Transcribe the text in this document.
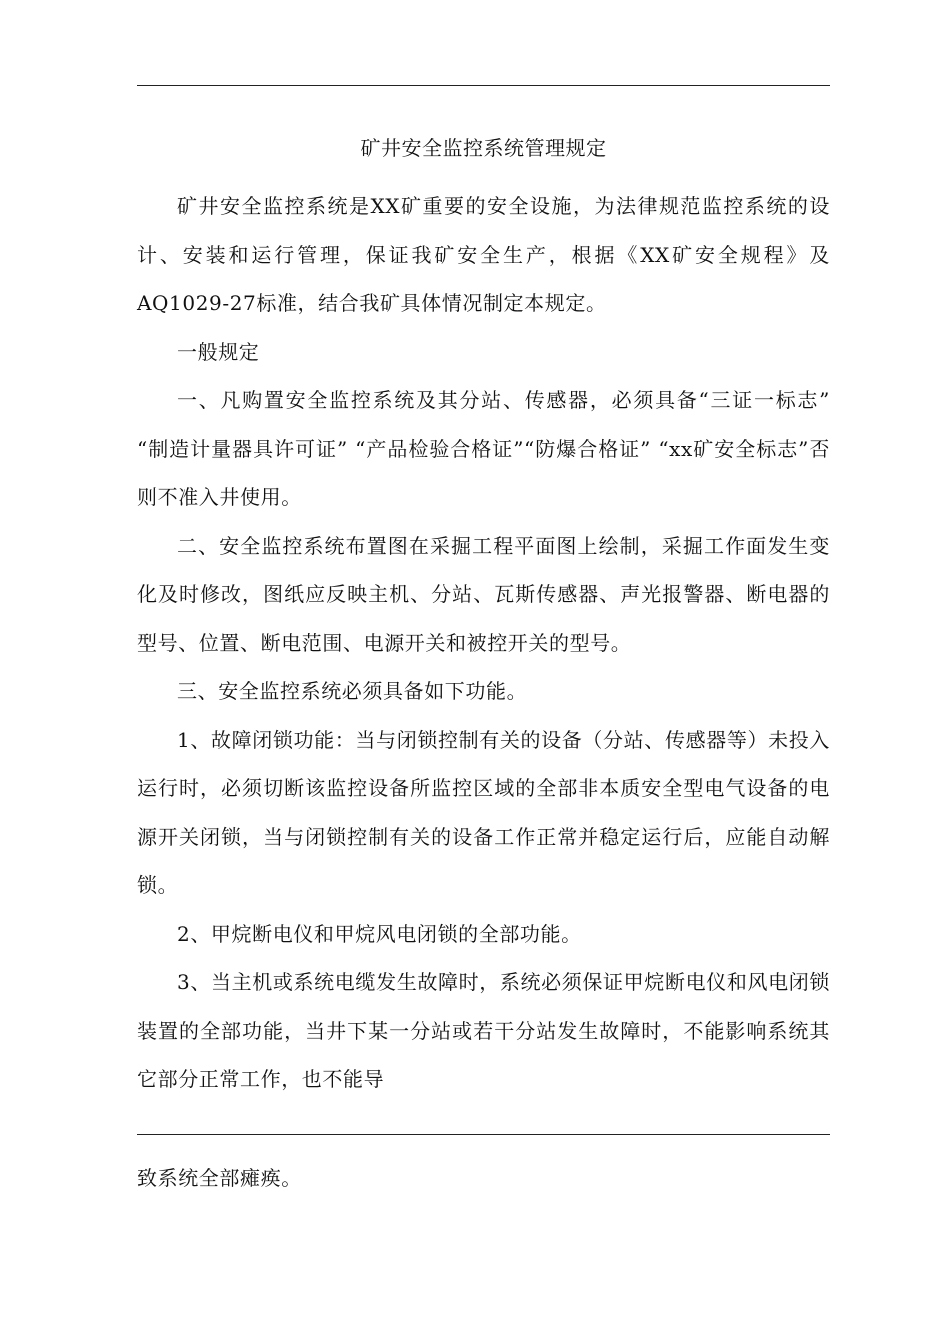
矿井安全监控系统管理规定

矿井安全监控系统是XX矿重要的安全设施，为法律规范监控系统的设计、安装和运行管理，保证我矿安全生产，根据《XX矿安全规程》及AQ1029-27标准，结合我矿具体情况制定本规定。

一般规定

一、凡购置安全监控系统及其分站、传感器，必须具备“三证一标志” “制造计量器具许可证” “产品检验合格证”“防爆合格证” “xx矿安全标志”否则不准入井使用。

二、安全监控系统布置图在采掘工程平面图上绘制，采掘工作面发生变化及时修改，图纸应反映主机、分站、瓦斯传感器、声光报警器、断电器的型号、位置、断电范围、电源开关和被控开关的型号。

三、安全监控系统必须具备如下功能。

1、故障闭锁功能：当与闭锁控制有关的设备（分站、传感器等）未投入运行时，必须切断该监控设备所监控区域的全部非本质安全型电气设备的电源开关闭锁，当与闭锁控制有关的设备工作正常并稳定运行后，应能自动解锁。

2、甲烷断电仪和甲烷风电闭锁的全部功能。

3、当主机或系统电缆发生故障时，系统必须保证甲烷断电仪和风电闭锁装置的全部功能，当井下某一分站或若干分站发生故障时，不能影响系统其它部分正常工作，也不能导

致系统全部瘫痪。
